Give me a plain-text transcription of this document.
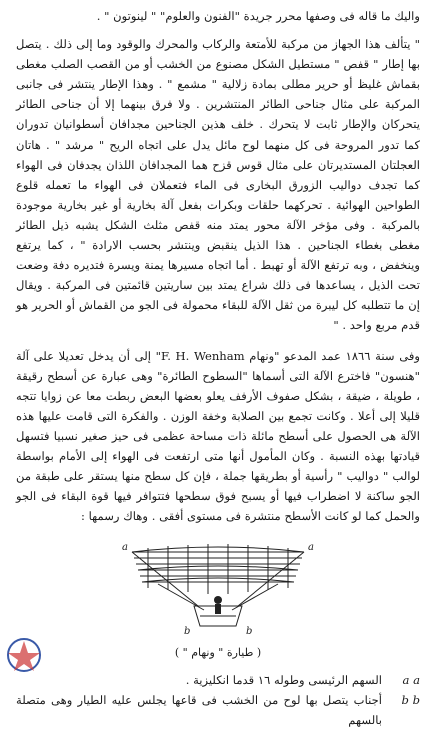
واليك ما قاله فى وصفها محرر جريدة "الفنون والعلوم" " لينوتون " .

" يتألف هذا الجهاز من مركبة للأمتعة والركاب والمحرك والوقود وما إلى ذلك . يتصل بها إطار " قفص " مستطيل الشكل مصنوع من الخشب أو من القصب الصلب مغطى بقماش غليظ أو حرير مطلى بمادة زلالية " مشمع " . وهذا الإطار ينتشر فى جانبى المركبة على مثال جناحى الطائر المنتشرين . ولا فرق بينهما إلا أن جناحى الطائر يتحركان والإطار ثابت لا يتحرك . خلف هذين الجناحين مجدافان أسطوانيان تدوران كما تدور المروحة فى كل منهما لوح مائل يدل على اتجاه الريح " مرشد " . هاتان العجلتان المستديرتان على مثال قوس قزح هما المجدافان اللذان يجدفان فى الهواء كما تجدف دواليب الزورق البخارى فى الماء فتعملان فى الهواء ما تعمله قلوع الطواحين الهوائية . تحركهما حلقات وبكرات بفعل آلة بخارية أو غير بخارية موجودة بالمركبة . وفى مؤخر الآلة محور يمتد منه قفص مثلث الشكل يشبه ذيل الطائر مغطى بغطاء الجناحين . هذا الذيل ينقبض وينتشر بحسب الارادة " ، كما يرتفع وينخفض ، وبه ترتفع الآلة أو تهبط . أما اتجاه مسيرها يمنة ويسرة فتديره دفة وضعت تحت الذيل ، يساعدها فى ذلك شراع يمتد بين ساريتين قائمتين فى المركبة . ويقال إن ما تتطلبه كل ليبرة من ثقل الآلة للبقاء محمولة فى الجو من القماش أو الحرير هو قدم مربع واحد . "

وفى سنة ١٨٦٦ عمد المدعو "ونهام F. H. Wenham" إلى أن يدخل تعديلا على آلة "هنسون" فاخترع الآلة التى أسماها "السطوح الطائرة" وهى عبارة عن أسطح رقيقة ، طويلة ، ضيقة ، بشكل صفوف الأرفف يعلو بعضها البعض ربطت معا عن زوايا تتجه قليلا إلى أعلا . وكانت تجمع بين الصلابة وخفة الوزن . والفكرة التى قامت عليها هذه الآلة هى الحصول على أسطح مائلة ذات مساحة عظمى فى حيز صغير نسبيا فتسهل قيادتها بهذه النسبة . وكان المأمول أنها متى ارتفعت فى الهواء إلى الأمام بواسطة لوالب " دواليب " رأسية أو بطريقها جملة ، فإن كل سطح منها يستقر على طبقة من الجو ساكنة لا اضطراب فيها أو يسبح فوق سطحها فتتوافر فيها قوة البقاء فى الجو والحمل كما لو كانت الأسطح منتشرة فى مستوى أفقى . وهاك رسمها :

a	a
b	b
( طيارة " ونهام " )
a a
السهم الرئيسى وطوله ١٦ قدما انكليزية .
b b
أجناب يتصل بها لوح من الخشب فى قاعها يجلس عليه الطيار وهى متصلة بالسهم
